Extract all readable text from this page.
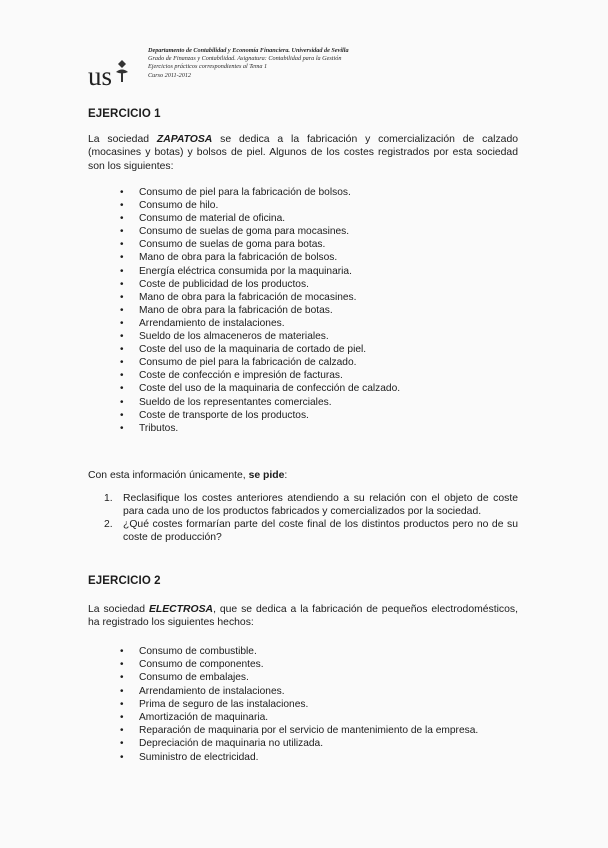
us
Departamento de Contabilidad y Economía Financiera. Universidad de Sevilla
Grado de Finanzas y Contabilidad. Asignatura: Contabilidad para la Gestión
Ejercicios prácticos correspondientes al Tema 1
Curso 2011-2012
EJERCICIO 1

La sociedad ZAPATOSA se dedica a la fabricación y comercialización de calzado (mocasines y botas) y bolsos de piel. Algunos de los costes registrados por esta sociedad son los siguientes:

• Consumo de piel para la fabricación de bolsos.
• Consumo de hilo.
• Consumo de material de oficina.
• Consumo de suelas de goma para mocasines.
• Consumo de suelas de goma para botas.
• Mano de obra para la fabricación de bolsos.
• Energía eléctrica consumida por la maquinaria.
• Coste de publicidad de los productos.
• Mano de obra para la fabricación de mocasines.
• Mano de obra para la fabricación de botas.
• Arrendamiento de instalaciones.
• Sueldo de los almaceneros de materiales.
• Coste del uso de la maquinaria de cortado de piel.
• Consumo de piel para la fabricación de calzado.
• Coste de confección e impresión de facturas.
• Coste del uso de la maquinaria de confección de calzado.
• Sueldo de los representantes comerciales.
• Coste de transporte de los productos.
• Tributos.

Con esta información únicamente, se pide:

1. Reclasifique los costes anteriores atendiendo a su relación con el objeto de coste para cada uno de los productos fabricados y comercializados por la sociedad.
2. ¿Qué costes formarían parte del coste final de los distintos productos pero no de su coste de producción?
EJERCICIO 2

La sociedad ELECTROSA, que se dedica a la fabricación de pequeños electrodomésticos, ha registrado los siguientes hechos:

• Consumo de combustible.
• Consumo de componentes.
• Consumo de embalajes.
• Arrendamiento de instalaciones.
• Prima de seguro de las instalaciones.
• Amortización de maquinaria.
• Reparación de maquinaria por el servicio de mantenimiento de la empresa.
• Depreciación de maquinaria no utilizada.
• Suministro de electricidad.
